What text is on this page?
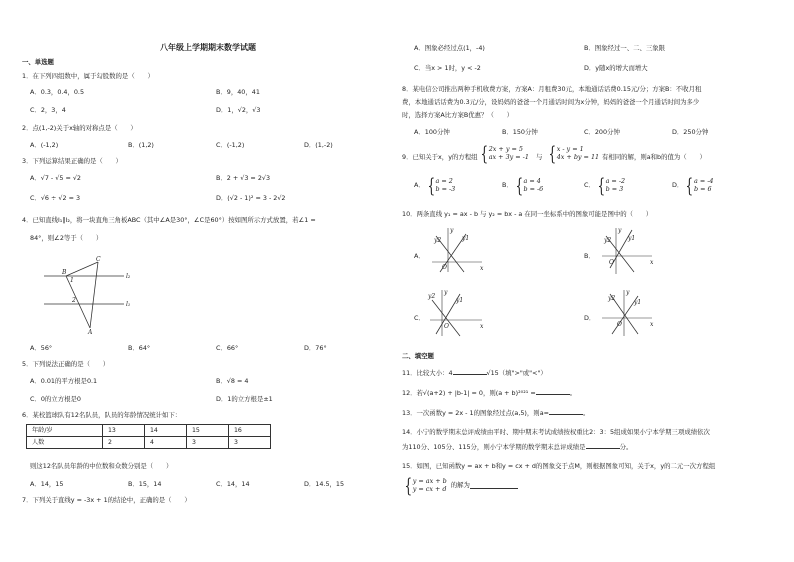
八年级上学期期末数学试题
一、单选题
1．在下列四组数中，属于勾股数的是（　　）
A．0.3，0.4，0.5	B．9，40，41
C．2，3，4	D．1，√2，√3
2．点(1,-2)关于x轴的对称点是（　　）
A．(-1,2)	B．(1,2)	C．(-1,2)	D．(1,-2)
3．下列运算结果正确的是（　　）
A．√7 - √5 = √2	B．2 + √3 = 2√3
C．√6 ÷ √2 = 3	D．(√2 - 1)² = 3 - 2√2
4．已知直线l₁∥l₂，将一块直角三角板ABC（其中∠A是30°，∠C是60°）按如图所示方式放置，若∠1 =
84°，则∠2等于（　　）
B
C
A
1
2
l₂
l₁
A．56°	B．64°	C．66°	D．76°
5．下列说法正确的是（　　）
A．0.01的平方根是0.1	B．√8 = 4
C．0的立方根是0	D．1的立方根是±1
6．某校篮球队有12名队员，队员的年龄情况统计如下：
年龄/岁	13	14	15	16
人数	2	4	3	3
则这12名队员年龄的中位数和众数分别是（　　）
A．14，15	B．15，14	C．14，14	D．14.5，15
7．下列关于直线y = -3x + 1的结论中，正确的是（　　）
A．图象必经过点(1，-4)	B．图象经过一、二、三象限
C．当x > 1时，y < -2	D．y随x的增大而增大
8．某电信公司推出两种手机收费方案，方案A：月租费30元，本地通话话费0.15元/分；方案B：不收月租
费，本地通话话费为0.3元/分，设妈妈的爸爸一个月通话时间为x分钟，妈妈的爸爸一个月通话时间为多少
时，选择方案A比方案B优惠？（　　）
A．100分钟	B．150分钟	C．200分钟	D．250分钟
9．已知关于x，y的方程组 { 2x + y = 5
ax + 3y = -1 与 { x - y = 1
4x + by = 11 有相同的解，则a和b的值为（　　）
A． { a = 2
b = -3	B． { a = 4
b = -6	C． { a = -2
b = 3	D． { a = -4
b = 6
10．两条直线 y₁ = ax - b 与 y₂ = bx - a 在同一坐标系中的图象可能是图中的（　　）
A．
y
x
O
y2	y1
B．
y
x
O
y2	y1
C．
y
x
O
y2
y1
D．
y
x
O
y2
y1
二、填空题
11．比较大小：4	√15（填">"或"<"）
12．若√(a+2) + |b-1| = 0，则(a + b)²⁰²¹ =	。
13．一次函数y = 2x - 1的图象经过点(a,5)，则a=	。
14．小宁的数学期末总评成绩由平时、期中期末考试成绩按权重比2：3：5组成如果小宁本学期三项成绩依次
为110分、105分、115分，则小宁本学期的数学期末总评成绩是	分。
15．如图，已知函数y = ax + b和y = cx + d的图象交于点M，则根据图象可知，关于x，y的二元一次方程组
{ y = ax + b
y = cx + d 的解为
